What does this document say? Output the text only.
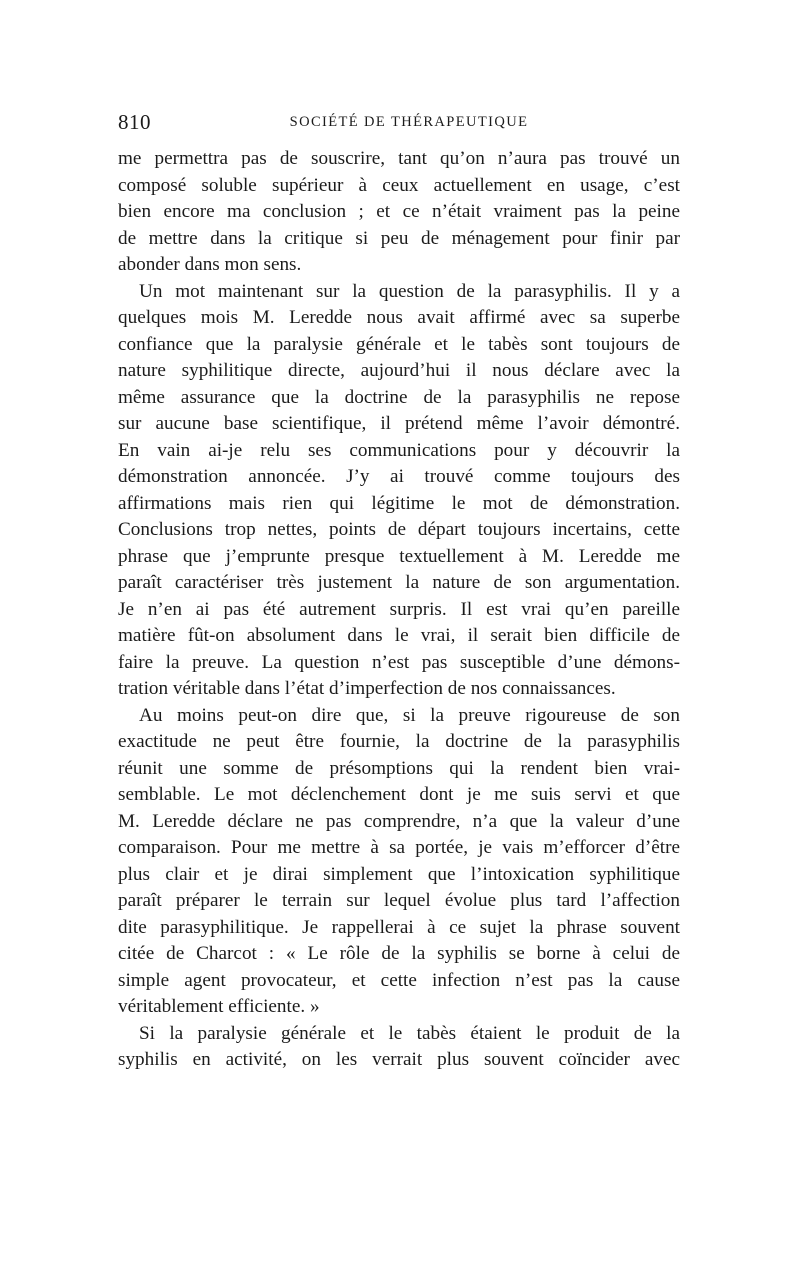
810	SOCIÉTÉ DE THÉRAPEUTIQUE
me permettra pas de souscrire, tant qu’on n’aura pas trouvé un
composé soluble supérieur à ceux actuellement en usage, c’est
bien encore ma conclusion ; et ce n’était vraiment pas la peine
de mettre dans la critique si peu de ménagement pour finir par
abonder dans mon sens.
Un mot maintenant sur la question de la parasyphilis. Il y a
quelques mois M. Leredde nous avait affirmé avec sa superbe
confiance que la paralysie générale et le tabès sont toujours de
nature syphilitique directe, aujourd’hui il nous déclare avec la
même assurance que la doctrine de la parasyphilis ne repose
sur aucune base scientifique, il prétend même l’avoir démontré.
En vain ai-je relu ses communications pour y découvrir la
démonstration annoncée. J’y ai trouvé comme toujours des
affirmations mais rien qui légitime le mot de démonstration.
Conclusions trop nettes, points de départ toujours incertains, cette
phrase que j’emprunte presque textuellement à M. Leredde me
paraît caractériser très justement la nature de son argumentation.
Je n’en ai pas été autrement surpris. Il est vrai qu’en pareille
matière fût-on absolument dans le vrai, il serait bien difficile de
faire la preuve. La question n’est pas susceptible d’une démons-
tration véritable dans l’état d’imperfection de nos connaissances.
Au moins peut-on dire que, si la preuve rigoureuse de son
exactitude ne peut être fournie, la doctrine de la parasyphilis
réunit une somme de présomptions qui la rendent bien vrai-
semblable. Le mot déclenchement dont je me suis servi et que
M. Leredde déclare ne pas comprendre, n’a que la valeur d’une
comparaison. Pour me mettre à sa portée, je vais m’efforcer d’être
plus clair et je dirai simplement que l’intoxication syphilitique
paraît préparer le terrain sur lequel évolue plus tard l’affection
dite parasyphilitique. Je rappellerai à ce sujet la phrase souvent
citée de Charcot : « Le rôle de la syphilis se borne à celui de
simple agent provocateur, et cette infection n’est pas la cause
véritablement efficiente. »
Si la paralysie générale et le tabès étaient le produit de la
syphilis en activité, on les verrait plus souvent coïncider avec
